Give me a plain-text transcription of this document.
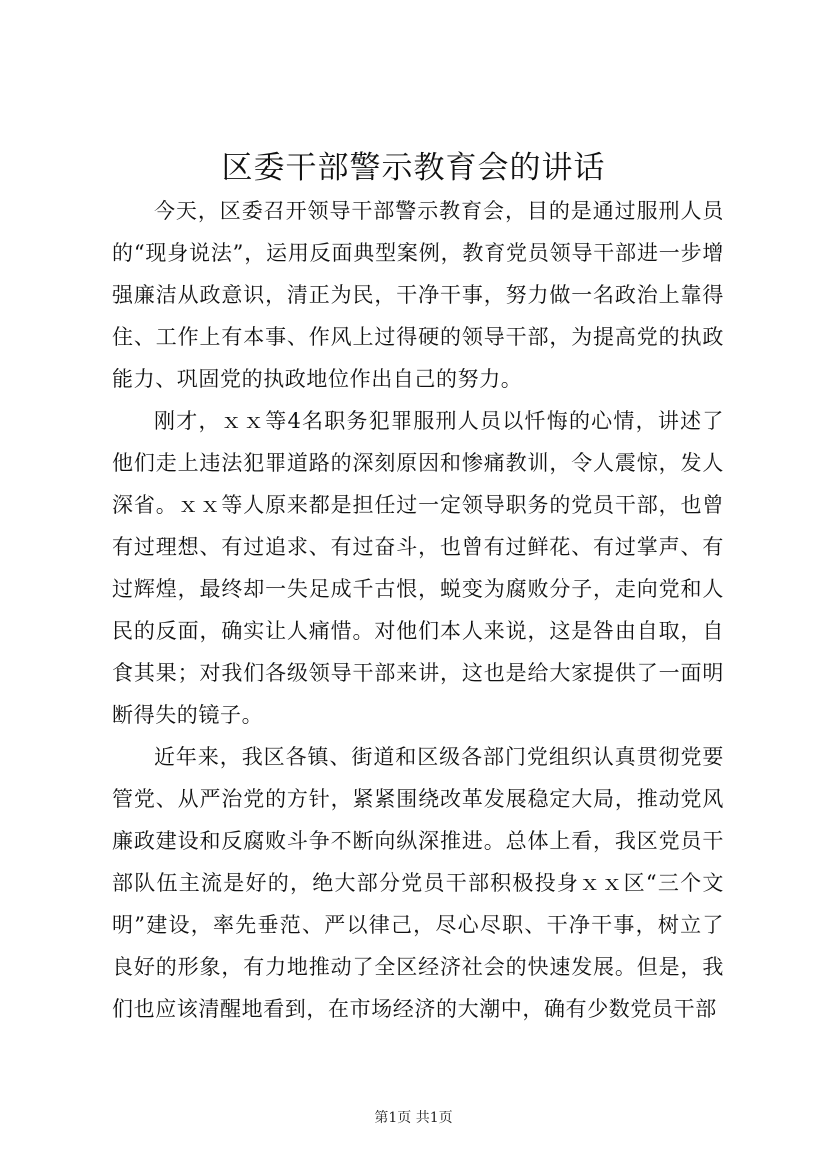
区委干部警示教育会的讲话

今天，区委召开领导干部警示教育会，目的是通过服刑人员的“现身说法”，运用反面典型案例，教育党员领导干部进一步增强廉洁从政意识，清正为民，干净干事，努力做一名政治上靠得住、工作上有本事、作风上过得硬的领导干部，为提高党的执政能力、巩固党的执政地位作出自己的努力。

刚才，ｘｘ等4名职务犯罪服刑人员以忏悔的心情，讲述了他们走上违法犯罪道路的深刻原因和惨痛教训，令人震惊，发人深省。ｘｘ等人原来都是担任过一定领导职务的党员干部，也曾有过理想、有过追求、有过奋斗，也曾有过鲜花、有过掌声、有过辉煌，最终却一失足成千古恨，蜕变为腐败分子，走向党和人民的反面，确实让人痛惜。对他们本人来说，这是咎由自取，自食其果；对我们各级领导干部来讲，这也是给大家提供了一面明断得失的镜子。

近年来，我区各镇、街道和区级各部门党组织认真贯彻党要管党、从严治党的方针，紧紧围绕改革发展稳定大局，推动党风廉政建设和反腐败斗争不断向纵深推进。总体上看，我区党员干部队伍主流是好的，绝大部分党员干部积极投身ｘｘ区“三个文明”建设，率先垂范、严以律己，尽心尽职、干净干事，树立了良好的形象，有力地推动了全区经济社会的快速发展。但是，我们也应该清醒地看到，在市场经济的大潮中，确有少数党员干部

第1页 共1页
